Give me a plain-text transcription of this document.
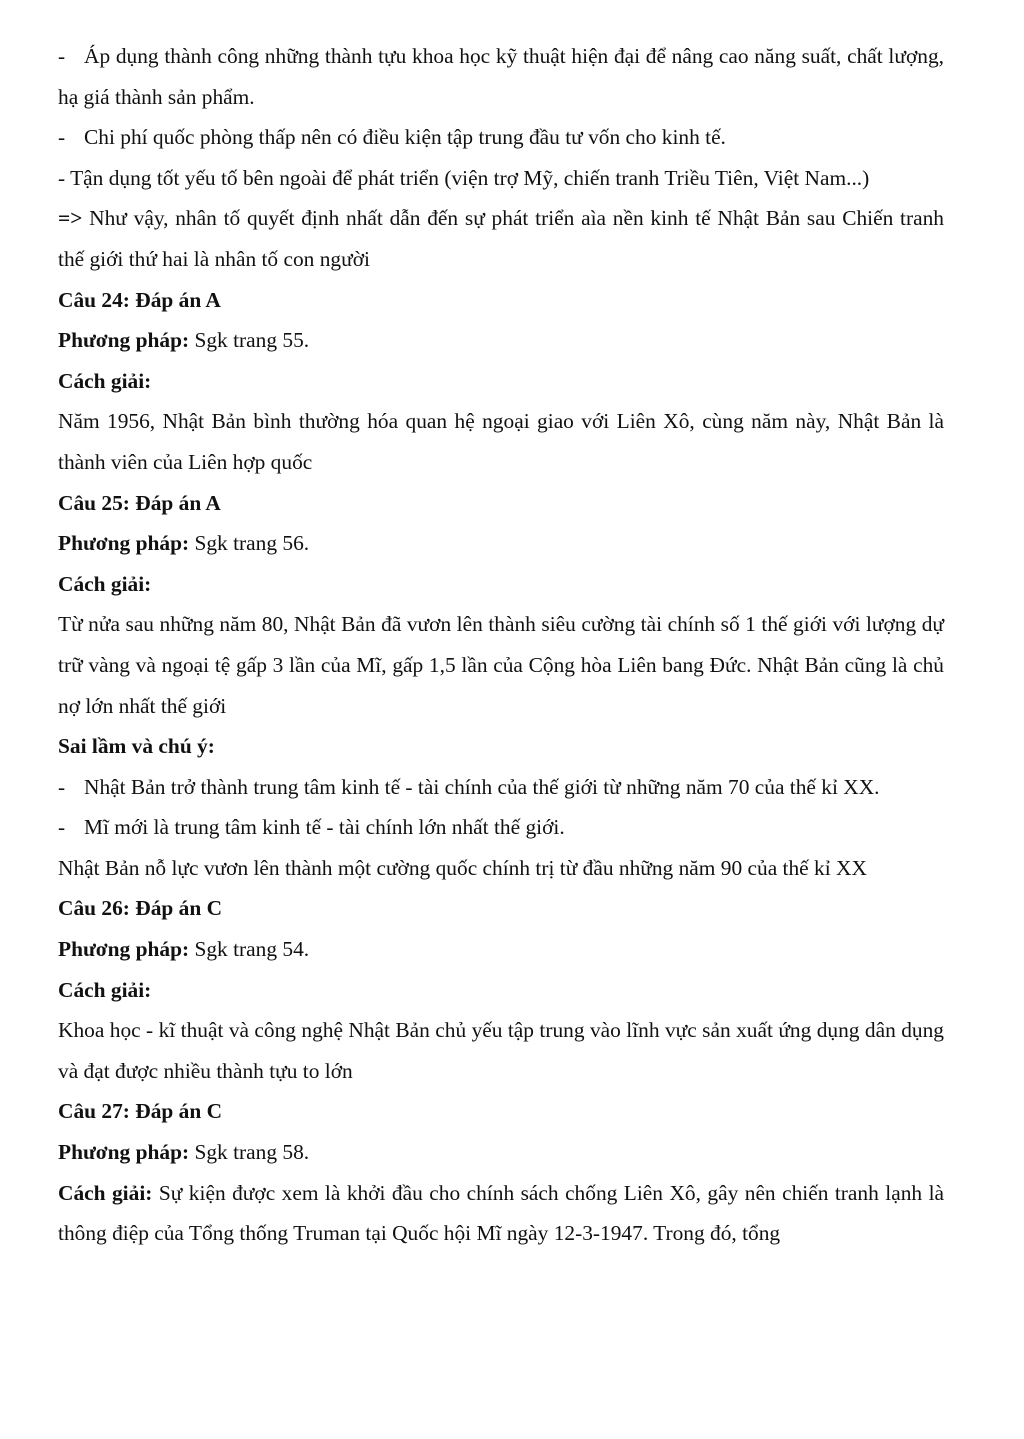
- Áp dụng thành công những thành tựu khoa học kỹ thuật hiện đại để nâng cao năng suất, chất lượng, hạ giá thành sản phẩm.

- Chi phí quốc phòng thấp nên có điều kiện tập trung đầu tư vốn cho kinh tế.

- Tận dụng tốt yếu tố bên ngoài để phát triển (viện trợ Mỹ, chiến tranh Triều Tiên, Việt Nam...)

=> Như vậy, nhân tố quyết định nhất dẫn đến sự phát triển aìa nền kinh tế Nhật Bản sau Chiến tranh thế giới thứ hai là nhân tố con người

Câu 24: Đáp án A

Phương pháp: Sgk trang 55.

Cách giải:

Năm 1956, Nhật Bản bình thường hóa quan hệ ngoại giao với Liên Xô, cùng năm này, Nhật Bản là thành viên của Liên hợp quốc

Câu 25: Đáp án A

Phương pháp: Sgk trang 56.

Cách giải:

Từ nửa sau những năm 80, Nhật Bản đã vươn lên thành siêu cường tài chính số 1 thế giới với lượng dự trữ vàng và ngoại tệ gấp 3 lần của Mĩ, gấp 1,5 lần của Cộng hòa Liên bang Đức. Nhật Bản cũng là chủ nợ lớn nhất thế giới

Sai lầm và chú ý:

- Nhật Bản trở thành trung tâm kinh tế - tài chính của thế giới từ những năm 70 của thế kỉ XX.

- Mĩ mới là trung tâm kinh tế - tài chính lớn nhất thế giới.

Nhật Bản nỗ lực vươn lên thành một cường quốc chính trị từ đầu những năm 90 của thế kỉ XX

Câu 26: Đáp án C

Phương pháp: Sgk trang 54.

Cách giải:

Khoa học - kĩ thuật và công nghệ Nhật Bản chủ yếu tập trung vào lĩnh vực sản xuất ứng dụng dân dụng và đạt được nhiều thành tựu to lớn

Câu 27: Đáp án C

Phương pháp: Sgk trang 58.

Cách giải: Sự kiện được xem là khởi đầu cho chính sách chống Liên Xô, gây nên chiến tranh lạnh là thông điệp của Tổng thống Truman tại Quốc hội Mĩ ngày 12-3-1947. Trong đó, tổng
